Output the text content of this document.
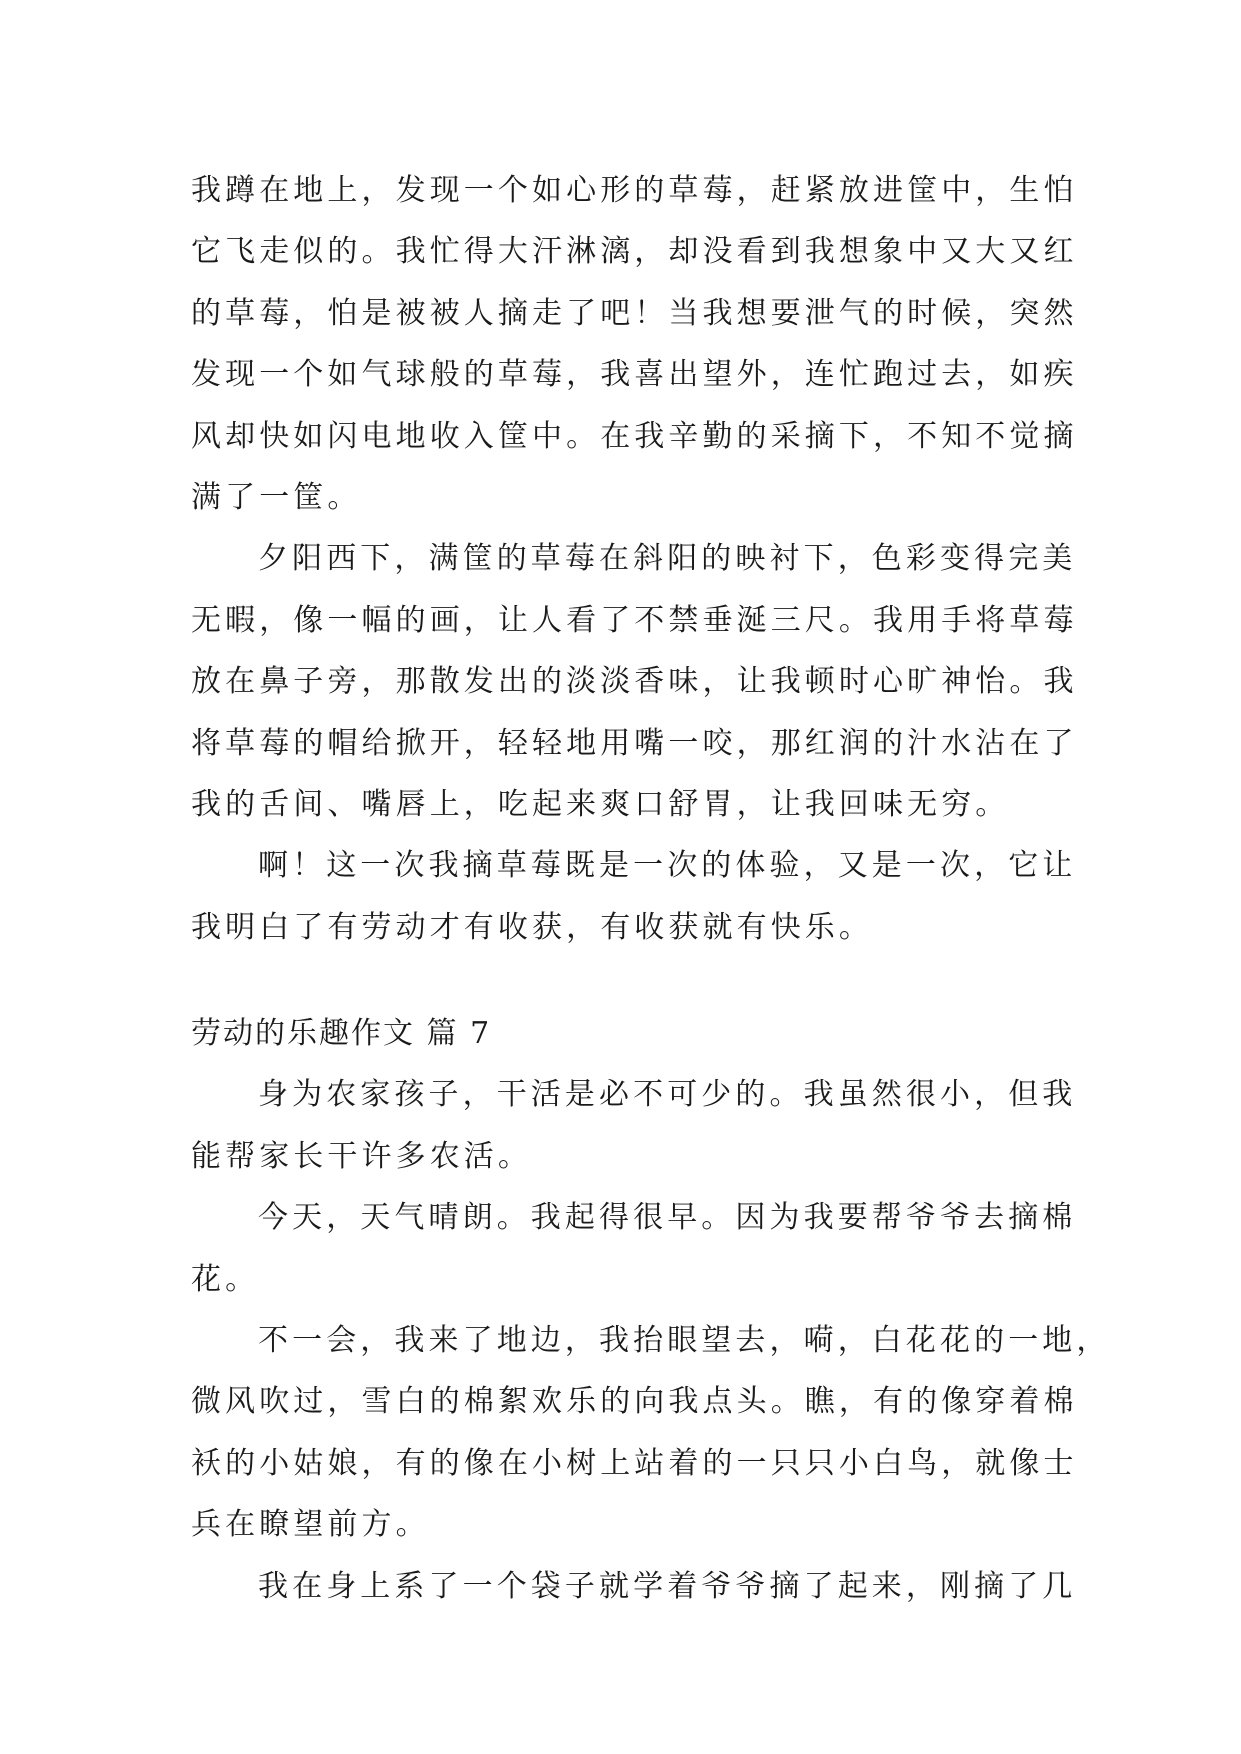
我蹲在地上，发现一个如心形的草莓，赶紧放进筐中，生怕
它飞走似的。我忙得大汗淋漓，却没看到我想象中又大又红
的草莓，怕是被被人摘走了吧！当我想要泄气的时候，突然
发现一个如气球般的草莓，我喜出望外，连忙跑过去，如疾
风却快如闪电地收入筐中。在我辛勤的采摘下，不知不觉摘
满了一筐。
夕阳西下，满筐的草莓在斜阳的映衬下，色彩变得完美
无暇，像一幅的画，让人看了不禁垂涎三尺。我用手将草莓
放在鼻子旁，那散发出的淡淡香味，让我顿时心旷神怡。我
将草莓的帽给掀开，轻轻地用嘴一咬，那红润的汁水沾在了
我的舌间、嘴唇上，吃起来爽口舒胃，让我回味无穷。
啊！这一次我摘草莓既是一次的体验，又是一次，它让
我明白了有劳动才有收获，有收获就有快乐。
劳动的乐趣作文 篇 7
身为农家孩子，干活是必不可少的。我虽然很小，但我
能帮家长干许多农活。
今天，天气晴朗。我起得很早。因为我要帮爷爷去摘棉
花。
不一会，我来了地边，我抬眼望去，嗬，白花花的一地，
微风吹过，雪白的棉絮欢乐的向我点头。瞧，有的像穿着棉
袄的小姑娘，有的像在小树上站着的一只只小白鸟，就像士
兵在瞭望前方。
我在身上系了一个袋子就学着爷爷摘了起来，刚摘了几
